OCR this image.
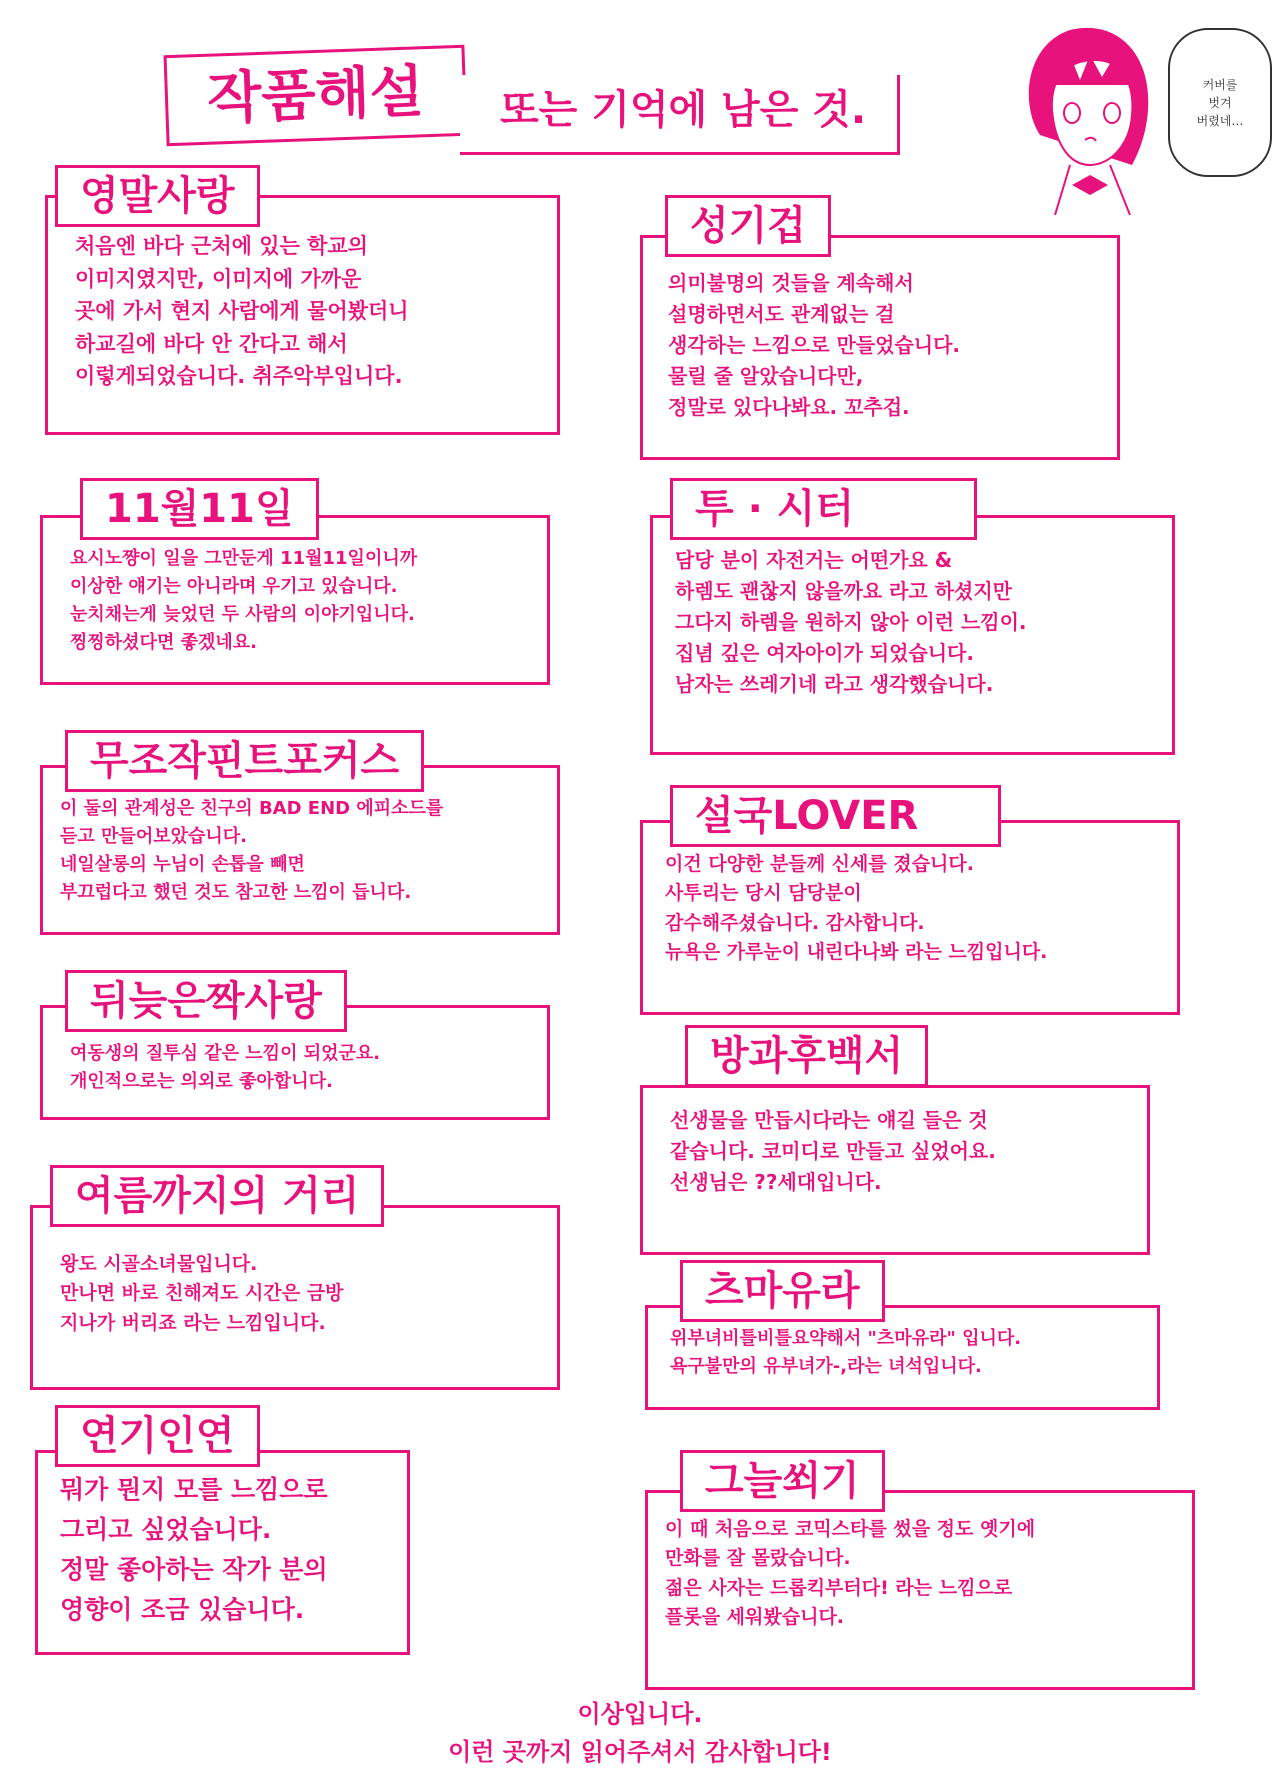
작품해설 또는 기억에 남은 것.
커버를
벗겨
버렸네…
영말사랑
처음엔 바다 근처에 있는 학교의
이미지였지만, 이미지에 가까운
곳에 가서 현지 사람에게 물어봤더니
하교길에 바다 안 간다고 해서
이렇게되었습니다. 취주악부입니다.
11월11일
요시노쨩이 일을 그만둔게 11월11일이니까
이상한 얘기는 아니라며 우기고 있습니다.
눈치채는게 늦었던 두 사람의 이야기입니다.
찡찡하셨다면 좋겠네요.
무조작핀트포커스
이 둘의 관계성은 친구의 BAD END 에피소드를
듣고 만들어보았습니다.
네일살롱의 누님이 손톱을 빼면
부끄럽다고 했던 것도 참고한 느낌이 듭니다.
뒤늦은짝사랑
여동생의 질투심 같은 느낌이 되었군요.
개인적으로는 의외로 좋아합니다.
여름까지의 거리
왕도 시골소녀물입니다.
만나면 바로 친해져도 시간은 금방
지나가 버리죠 라는 느낌입니다.
연기인연
뭐가 뭔지 모를 느낌으로
그리고 싶었습니다.
정말 좋아하는 작가 분의
영향이 조금 있습니다.
성기겁
의미불명의 것들을 계속해서
설명하면서도 관계없는 걸
생각하는 느낌으로 만들었습니다.
물릴 줄 알았습니다만,
정말로 있다나봐요. 꼬추겁.
투 · 시터
담당 분이 자전거는 어떤가요 &
하렘도 괜찮지 않을까요 라고 하셨지만
그다지 하렘을 원하지 않아 이런 느낌이.
집념 깊은 여자아이가 되었습니다.
남자는 쓰레기네 라고 생각했습니다.
설국LOVER
이건 다양한 분들께 신세를 졌습니다.
사투리는 당시 담당분이
감수해주셨습니다. 감사합니다.
뉴욕은 가루눈이 내린다나봐 라는 느낌입니다.
방과후백서
선생물을 만듭시다라는 얘길 들은 것
같습니다. 코미디로 만들고 싶었어요.
선생님은 ??세대입니다.
츠마유라
위부녀비틀비틀요약해서 "츠마유라" 입니다.
욕구불만의 유부녀가-,라는 녀석입니다.
그늘쐬기
이 때 처음으로 코믹스타를 썼을 정도 옛기에
만화를 잘 몰랐습니다.
젊은 사자는 드롭킥부터다! 라는 느낌으로
플롯을 세워봤습니다.
이상입니다.
이런 곳까지 읽어주셔서 감사합니다!
